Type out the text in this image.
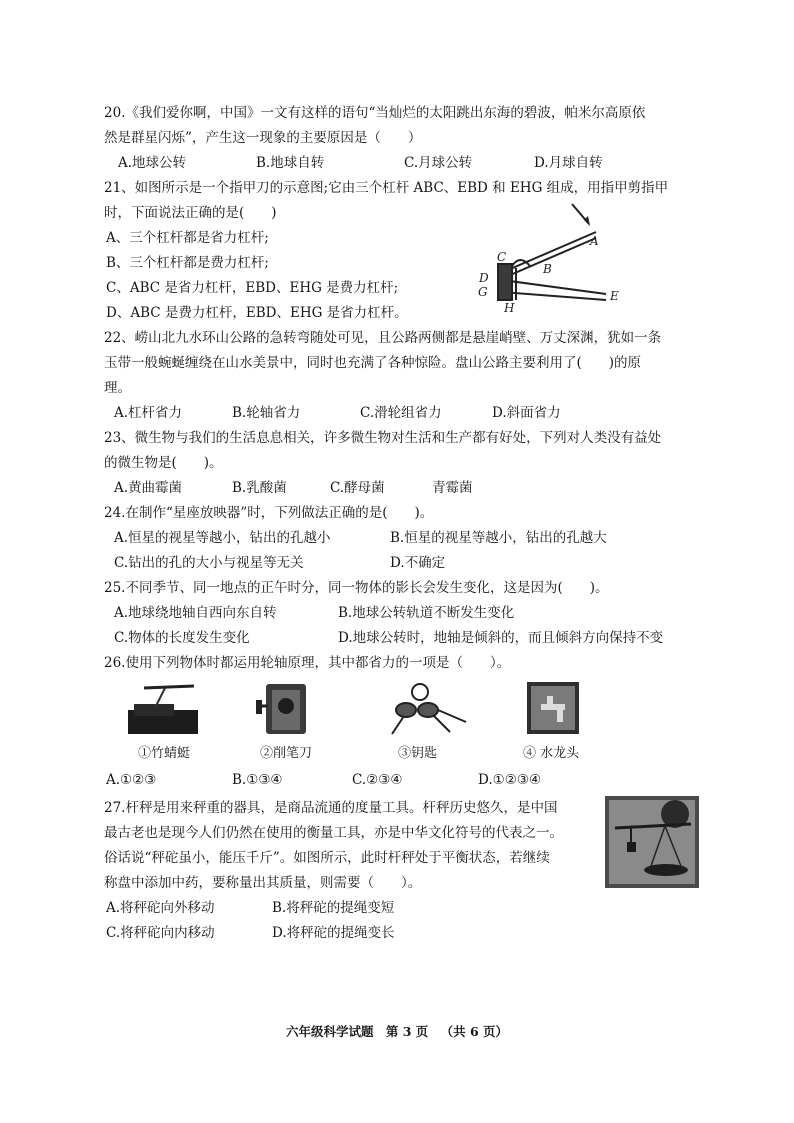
20.《我们爱你啊，中国》一文有这样的语句“当灿烂的太阳跳出东海的碧波，帕米尔高原依
然是群星闪烁”，产生这一现象的主要原因是（　　）
A.地球公转	B.地球自转	C.月球公转	D.月球自转
21、如图所示是一个指甲刀的示意图;它由三个杠杆 ABC、EBD 和 EHG 组成，用指甲剪指甲
时，下面说法正确的是(　　)
A、三个杠杆都是省力杠杆;
B、三个杠杆都是费力杠杆;
C、ABC 是省力杠杆，EBD、EHG 是费力杠杆;
D、ABC 是费力杠杆，EBD、EHG 是省力杠杆。
A
B
C
D
E
G
H
22、崂山北九水环山公路的急转弯随处可见，且公路两侧都是悬崖峭壁、万丈深渊，犹如一条
玉带一般蜿蜒缠绕在山水美景中，同时也充满了各种惊险。盘山公路主要利用了(　　)的原
理。
A.杠杆省力	B.轮轴省力	C.滑轮组省力	D.斜面省力
23、微生物与我们的生活息息相关，许多微生物对生活和生产都有好处，下列对人类没有益处
的微生物是(　　)。
A.黄曲霉菌	B.乳酸菌	C.酵母菌	青霉菌
24.在制作“星座放映器”时，下列做法正确的是(　　)。
A.恒星的视星等越小，钻出的孔越小	B.恒星的视星等越小，钻出的孔越大
C.钻出的孔的大小与视星等无关	D.不确定
25.不同季节、同一地点的正午时分，同一物体的影长会发生变化，这是因为(　　)。
A.地球绕地轴自西向东自转	B.地球公转轨道不断发生变化
C.物体的长度发生变化	D.地球公转时，地轴是倾斜的，而且倾斜方向保持不变
26.使用下列物体时都运用轮轴原理，其中都省力的一项是（　　）。
①竹蜻蜓	②削笔刀	③钥匙	④ 水龙头
A.①②③	B.①③④	C.②③④	D.①②③④
27.杆秤是用来秤重的器具，是商品流通的度量工具。杆秤历史悠久，是中国
最古老也是现今人们仍然在使用的衡量工具，亦是中华文化符号的代表之一。
俗话说“秤砣虽小，能压千斤”。如图所示，此时杆秤处于平衡状态，若继续
称盘中添加中药，要称量出其质量，则需要（　　）。
A.将秤砣向外移动	B.将秤砣的提绳变短
C.将秤砣向内移动	D.将秤砣的提绳变长
六年级科学试题 第 3 页 （共 6 页）
